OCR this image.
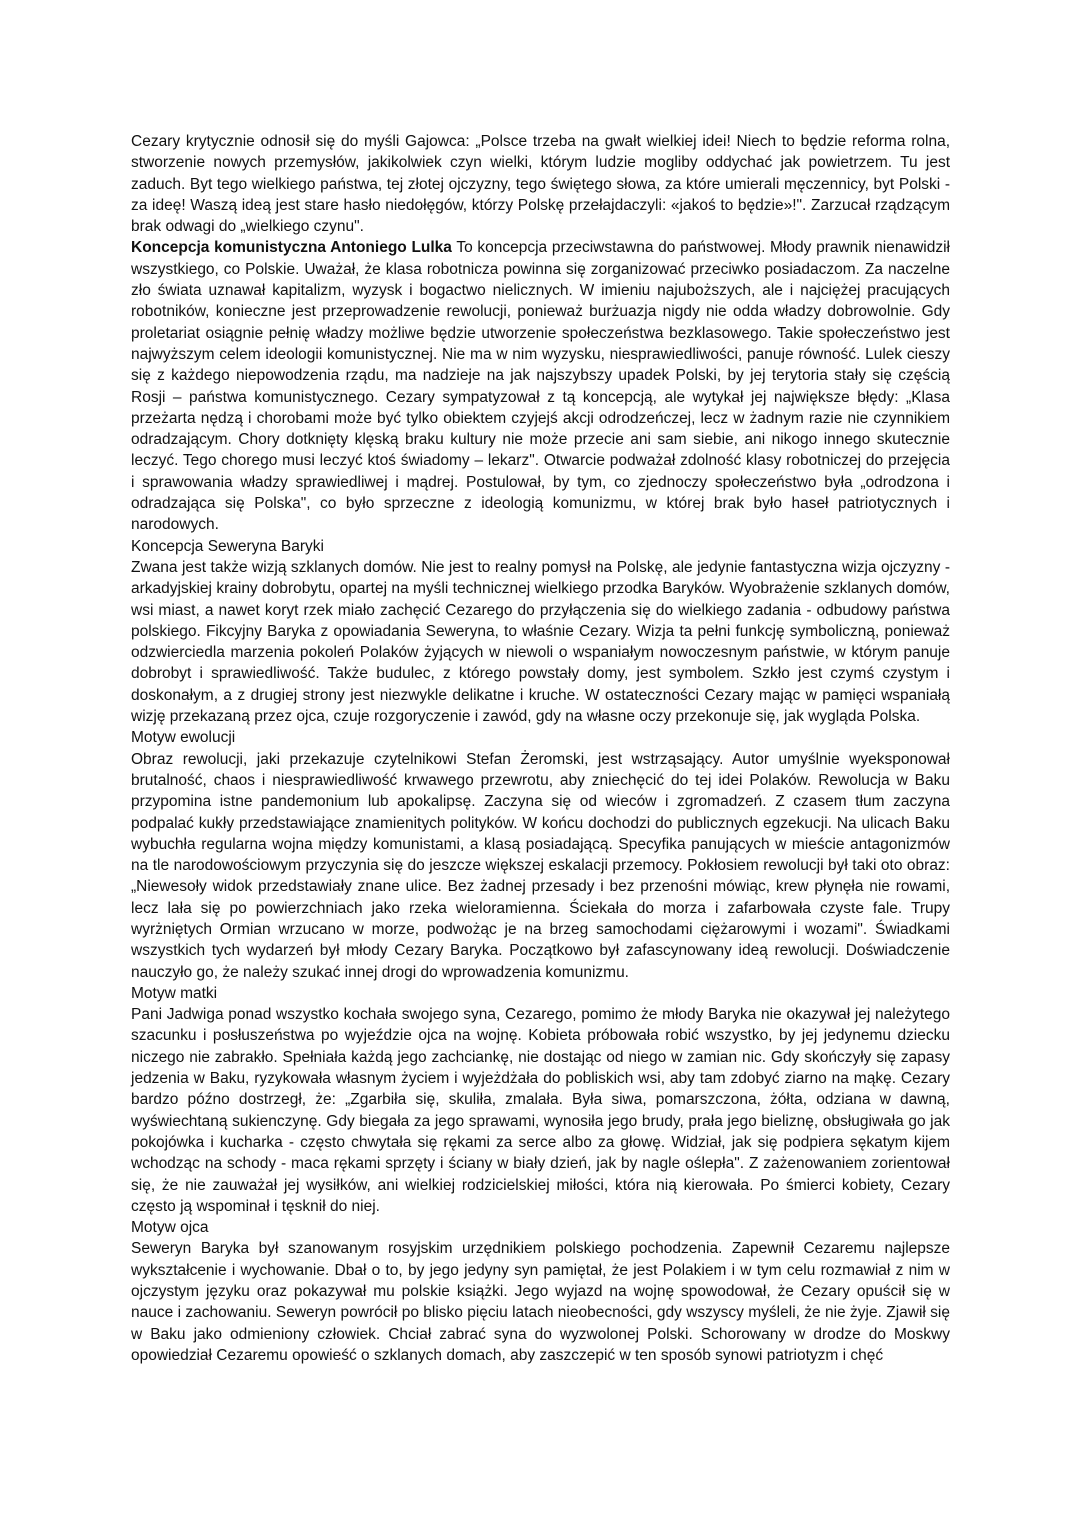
Cezary krytycznie odnosił się do myśli Gajowca: „Polsce trzeba na gwałt wielkiej idei! Niech to będzie reforma rolna, stworzenie nowych przemysłów, jakikolwiek czyn wielki, którym ludzie mogliby oddychać jak powietrzem. Tu jest zaduch. Byt tego wielkiego państwa, tej złotej ojczyzny, tego świętego słowa, za które umierali męczennicy, byt Polski - za ideę! Waszą ideą jest stare hasło niedołęgów, którzy Polskę przełajdaczyli: «jakoś to będzie»!". Zarzucał rządzącym brak odwagi do „wielkiego czynu".

Koncepcja komunistyczna Antoniego Lulka To koncepcja przeciwstawna do państwowej. Młody prawnik nienawidził wszystkiego, co Polskie. Uważał, że klasa robotnicza powinna się zorganizować przeciwko posiadaczom. Za naczelne zło świata uznawał kapitalizm, wyzysk i bogactwo nielicznych. W imieniu najuboższych, ale i najciężej pracujących robotników, konieczne jest przeprowadzenie rewolucji, ponieważ burżuazja nigdy nie odda władzy dobrowolnie. Gdy proletariat osiągnie pełnię władzy możliwe będzie utworzenie społeczeństwa bezklasowego. Takie społeczeństwo jest najwyższym celem ideologii komunistycznej. Nie ma w nim wyzysku, niesprawiedliwości, panuje równość. Lulek cieszy się z każdego niepowodzenia rządu, ma nadzieje na jak najszybszy upadek Polski, by jej terytoria stały się częścią Rosji – państwa komunistycznego. Cezary sympatyzował z tą koncepcją, ale wytykał jej największe błędy: „Klasa przeżarta nędzą i chorobami może być tylko obiektem czyjejś akcji odrodzeńczej, lecz w żadnym razie nie czynnikiem odradzającym. Chory dotknięty klęską braku kultury nie może przecie ani sam siebie, ani nikogo innego skutecznie leczyć. Tego chorego musi leczyć ktoś świadomy – lekarz". Otwarcie podważał zdolność klasy robotniczej do przejęcia i sprawowania władzy sprawiedliwej i mądrej. Postulował, by tym, co zjednoczy społeczeństwo była „odrodzona i odradzająca się Polska", co było sprzeczne z ideologią komunizmu, w której brak było haseł patriotycznych i narodowych.

Koncepcja Seweryna Baryki

Zwana jest także wizją szklanych domów. Nie jest to realny pomysł na Polskę, ale jedynie fantastyczna wizja ojczyzny - arkadyjskiej krainy dobrobytu, opartej na myśli technicznej wielkiego przodka Baryków. Wyobrażenie szklanych domów, wsi miast, a nawet koryt rzek miało zachęcić Cezarego do przyłączenia się do wielkiego zadania - odbudowy państwa polskiego. Fikcyjny Baryka z opowiadania Seweryna, to właśnie Cezary. Wizja ta pełni funkcję symboliczną, ponieważ odzwierciedla marzenia pokoleń Polaków żyjących w niewoli o wspaniałym nowoczesnym państwie, w którym panuje dobrobyt i sprawiedliwość. Także budulec, z którego powstały domy, jest symbolem. Szkło jest czymś czystym i doskonałym, a z drugiej strony jest niezwykle delikatne i kruche. W ostateczności Cezary mając w pamięci wspaniałą wizję przekazaną przez ojca, czuje rozgoryczenie i zawód, gdy na własne oczy przekonuje się, jak wygląda Polska.

Motyw ewolucji

Obraz rewolucji, jaki przekazuje czytelnikowi Stefan Żeromski, jest wstrząsający. Autor umyślnie wyeksponował brutalność, chaos i niesprawiedliwość krwawego przewrotu, aby zniechęcić do tej idei Polaków. Rewolucja w Baku przypomina istne pandemonium lub apokalipsę. Zaczyna się od wieców i zgromadzeń. Z czasem tłum zaczyna podpalać kukły przedstawiające znamienitych polityków. W końcu dochodzi do publicznych egzekucji. Na ulicach Baku wybuchła regularna wojna między komunistami, a klasą posiadającą. Specyfika panujących w mieście antagonizmów na tle narodowościowym przyczynia się do jeszcze większej eskalacji przemocy. Pokłosiem rewolucji był taki oto obraz: „Niewesoły widok przedstawiały znane ulice. Bez żadnej przesady i bez przenośni mówiąc, krew płynęła nie rowami, lecz lała się po powierzchniach jako rzeka wieloramienna. Ściekała do morza i zafarbowała czyste fale. Trupy wyrżniętych Ormian wrzucano w morze, podwożąc je na brzeg samochodami ciężarowymi i wozami". Świadkami wszystkich tych wydarzeń był młody Cezary Baryka. Początkowo był zafascynowany ideą rewolucji. Doświadczenie nauczyło go, że należy szukać innej drogi do wprowadzenia komunizmu.

Motyw matki

Pani Jadwiga ponad wszystko kochała swojego syna, Cezarego, pomimo że młody Baryka nie okazywał jej należytego szacunku i posłuszeństwa po wyjeździe ojca na wojnę. Kobieta próbowała robić wszystko, by jej jedynemu dziecku niczego nie zabrakło. Spełniała każdą jego zachciankę, nie dostając od niego w zamian nic. Gdy skończyły się zapasy jedzenia w Baku, ryzykowała własnym życiem i wyjeżdżała do pobliskich wsi, aby tam zdobyć ziarno na mąkę. Cezary bardzo późno dostrzegł, że: „Zgarbiła się, skuliła, zmalała. Była siwa, pomarszczona, żółta, odziana w dawną, wyświechtaną sukienczynę. Gdy biegała za jego sprawami, wynosiła jego brudy, prała jego bieliznę, obsługiwała go jak pokojówka i kucharka - często chwytała się rękami za serce albo za głowę. Widział, jak się podpiera sękatym kijem wchodząc na schody - maca rękami sprzęty i ściany w biały dzień, jak by nagle oślepła". Z zażenowaniem zorientował się, że nie zauważał jej wysiłków, ani wielkiej rodzicielskiej miłości, która nią kierowała. Po śmierci kobiety, Cezary często ją wspominał i tęsknił do niej.

Motyw ojca

Seweryn Baryka był szanowanym rosyjskim urzędnikiem polskiego pochodzenia. Zapewnił Cezaremu najlepsze wykształcenie i wychowanie. Dbał o to, by jego jedyny syn pamiętał, że jest Polakiem i w tym celu rozmawiał z nim w ojczystym języku oraz pokazywał mu polskie książki. Jego wyjazd na wojnę spowodował, że Cezary opuścił się w nauce i zachowaniu. Seweryn powrócił po blisko pięciu latach nieobecności, gdy wszyscy myśleli, że nie żyje. Zjawił się w Baku jako odmieniony człowiek. Chciał zabrać syna do wyzwolonej Polski. Schorowany w drodze do Moskwy opowiedział Cezaremu opowieść o szklanych domach, aby zaszczepić w ten sposób synowi patriotyzm i chęć
